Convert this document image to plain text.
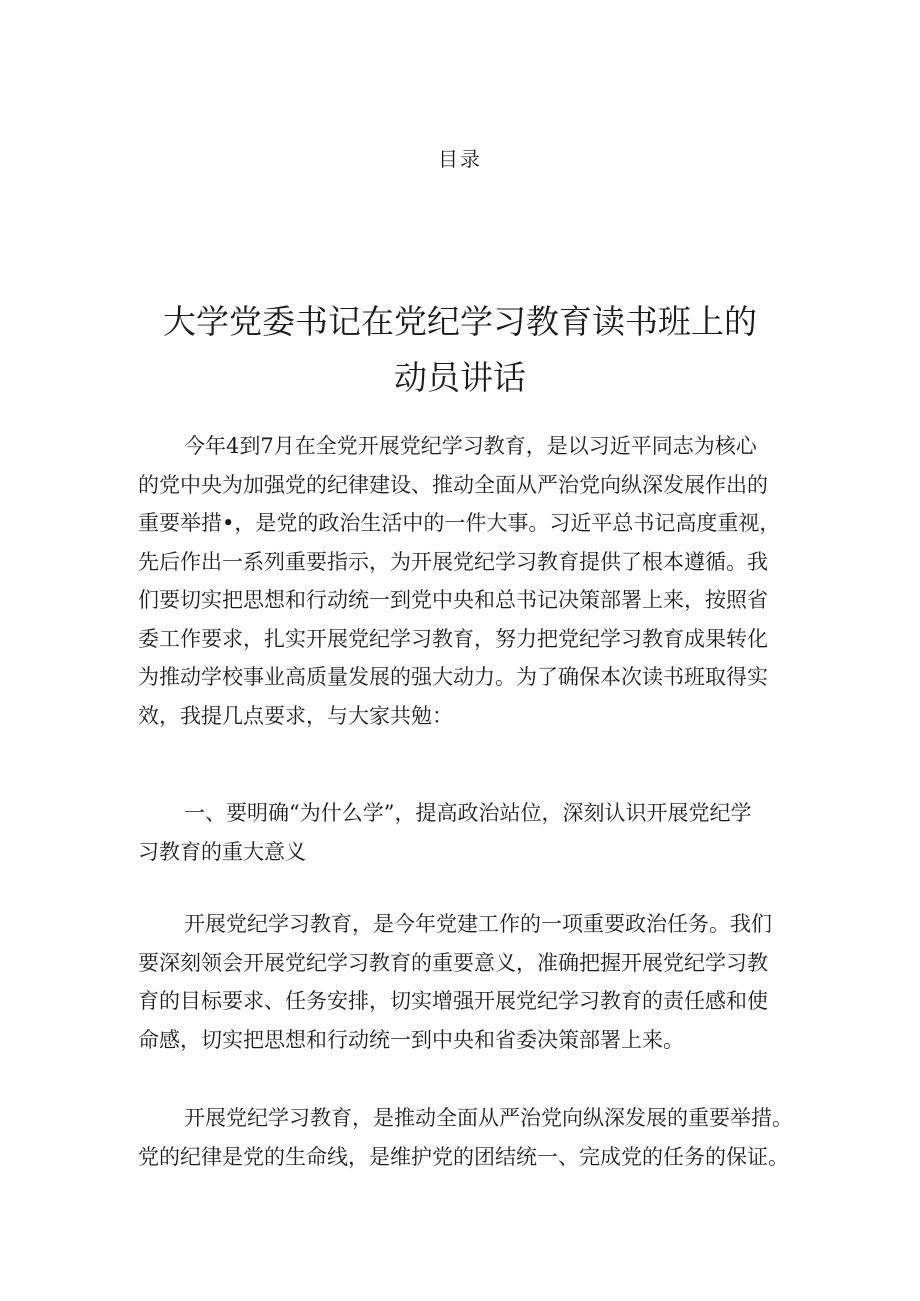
目录
大学党委书记在党纪学习教育读书班上的
动员讲话
今年4到7月在全党开展党纪学习教育，是以习近平同志为核心
的党中央为加强党的纪律建设、推动全面从严治党向纵深发展作出的
重要举措•，是党的政治生活中的一件大事。习近平总书记高度重视，
先后作出一系列重要指示，为开展党纪学习教育提供了根本遵循。我
们要切实把思想和行动统一到党中央和总书记决策部署上来，按照省
委工作要求，扎实开展党纪学习教育，努力把党纪学习教育成果转化
为推动学校事业高质量发展的强大动力。为了确保本次读书班取得实
效，我提几点要求，与大家共勉：
一、要明确“为什么学”，提高政治站位，深刻认识开展党纪学
习教育的重大意义
开展党纪学习教育，是今年党建工作的一项重要政治任务。我们
要深刻领会开展党纪学习教育的重要意义，准确把握开展党纪学习教
育的目标要求、任务安排，切实增强开展党纪学习教育的责任感和使
命感，切实把思想和行动统一到中央和省委决策部署上来。
开展党纪学习教育，是推动全面从严治党向纵深发展的重要举措。
党的纪律是党的生命线，是维护党的团结统一、完成党的任务的保证。
